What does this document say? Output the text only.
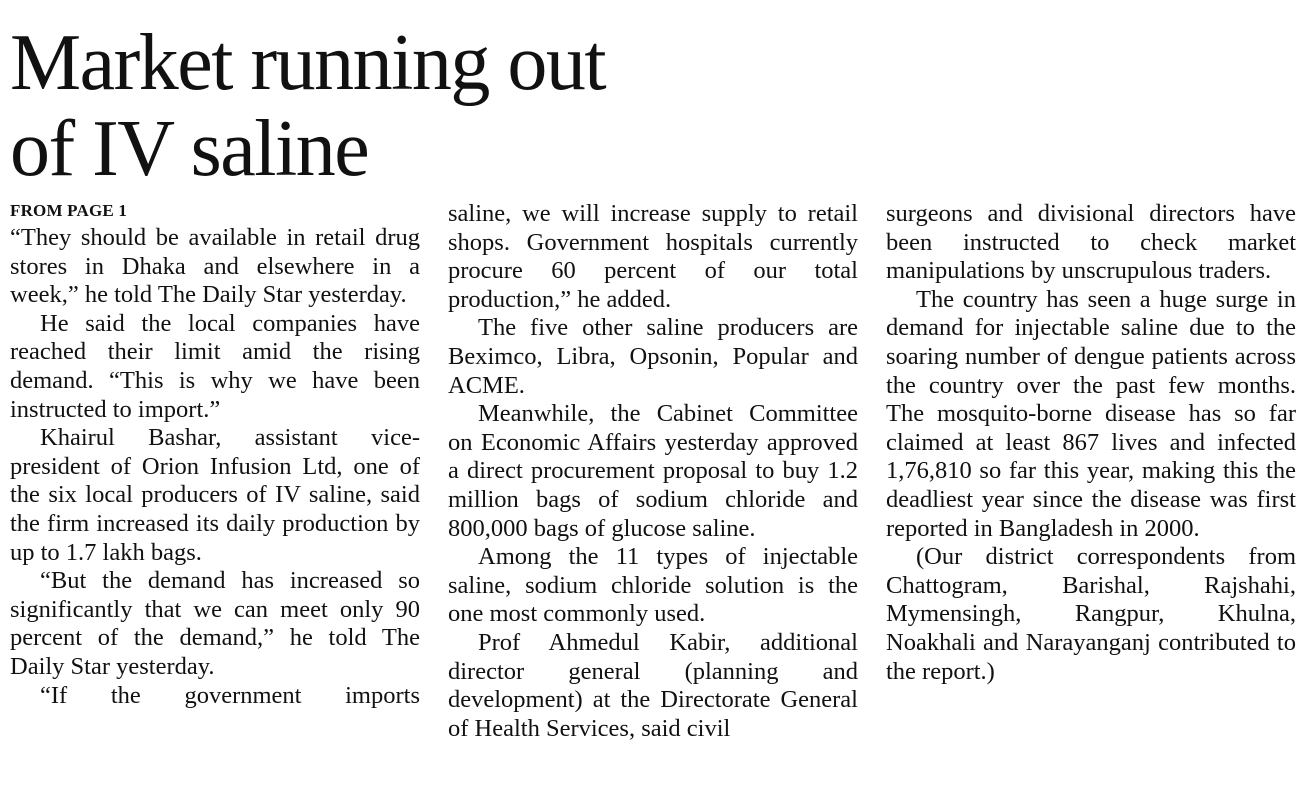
Market running out
of IV saline
FROM PAGE 1

“They should be available in retail drug stores in Dhaka and elsewhere in a week,” he told The Daily Star yesterday.

He said the local companies have reached their limit amid the rising demand. “This is why we have been instructed to import.”

Khairul Bashar, assistant vice-president of Orion Infusion Ltd, one of the six local producers of IV saline, said the firm increased its daily production by up to 1.7 lakh bags.

“But the demand has increased so significantly that we can meet only 90 percent of the demand,” he told The Daily Star yesterday.

“If the government imports

saline, we will increase supply to retail shops. Government hospitals currently procure 60 percent of our total production,” he added.

The five other saline producers are Beximco, Libra, Opsonin, Popular and ACME.

Meanwhile, the Cabinet Committee on Economic Affairs yesterday approved a direct procurement proposal to buy 1.2 million bags of sodium chloride and 800,000 bags of glucose saline.

Among the 11 types of injectable saline, sodium chloride solution is the one most commonly used.

Prof Ahmedul Kabir, additional director general (planning and development) at the Directorate General of Health Services, said civil

surgeons and divisional directors have been instructed to check market manipulations by unscrupulous traders.

The country has seen a huge surge in demand for injectable saline due to the soaring number of dengue patients across the country over the past few months. The mosquito-borne disease has so far claimed at least 867 lives and infected 1,76,810 so far this year, making this the deadliest year since the disease was first reported in Bangladesh in 2000.

(Our district correspondents from Chattogram, Barishal, Rajshahi, Mymensingh, Rangpur, Khulna, Noakhali and Narayanganj contributed to the report.)
